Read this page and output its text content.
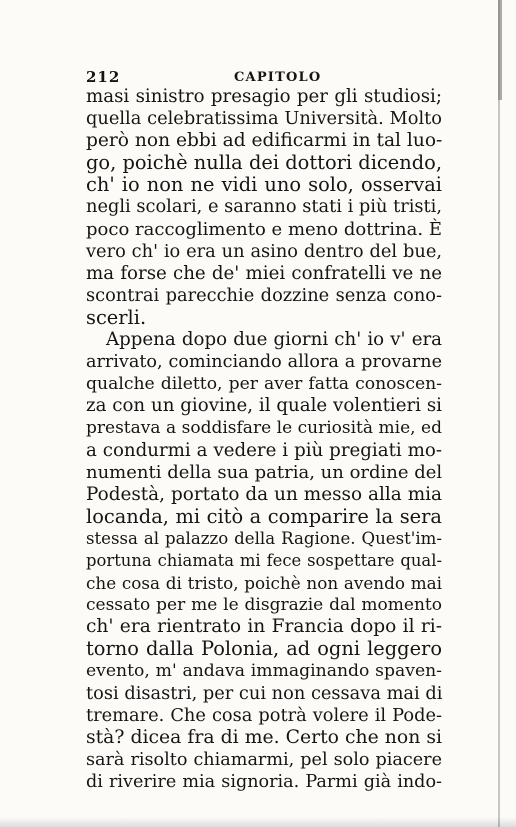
212	CAPITOLO
masi sinistro presagio per gli studiosi;
quella celebratissima Università. Molto
però non ebbi ad edificarmi in tal luo-
go, poichè nulla dei dottori dicendo,
ch' io non ne vidi uno solo, osservai
negli scolari, e saranno stati i più tristi,
poco raccoglimento e meno dottrina. È
vero ch' io era un asino dentro del bue,
ma forse che de' miei confratelli ve ne
scontrai parecchie dozzine senza cono-
scerli.
Appena dopo due giorni ch' io v' era
arrivato, cominciando allora a provarne
qualche diletto, per aver fatta conoscen-
za con un giovine, il quale volentieri si
prestava a soddisfare le curiosità mie, ed
a condurmi a vedere i più pregiati mo-
numenti della sua patria, un ordine del
Podestà, portato da un messo alla mia
locanda, mi citò a comparire la sera
stessa al palazzo della Ragione. Quest'im-
portuna chiamata mi fece sospettare qual-
che cosa di tristo, poichè non avendo mai
cessato per me le disgrazie dal momento
ch' era rientrato in Francia dopo il ri-
torno dalla Polonia, ad ogni leggero
evento, m' andava immaginando spaven-
tosi disastri, per cui non cessava mai di
tremare. Che cosa potrà volere il Pode-
stà? dicea fra di me. Certo che non si
sarà risolto chiamarmi, pel solo piacere
di riverire mia signoria. Parmi già indo-
